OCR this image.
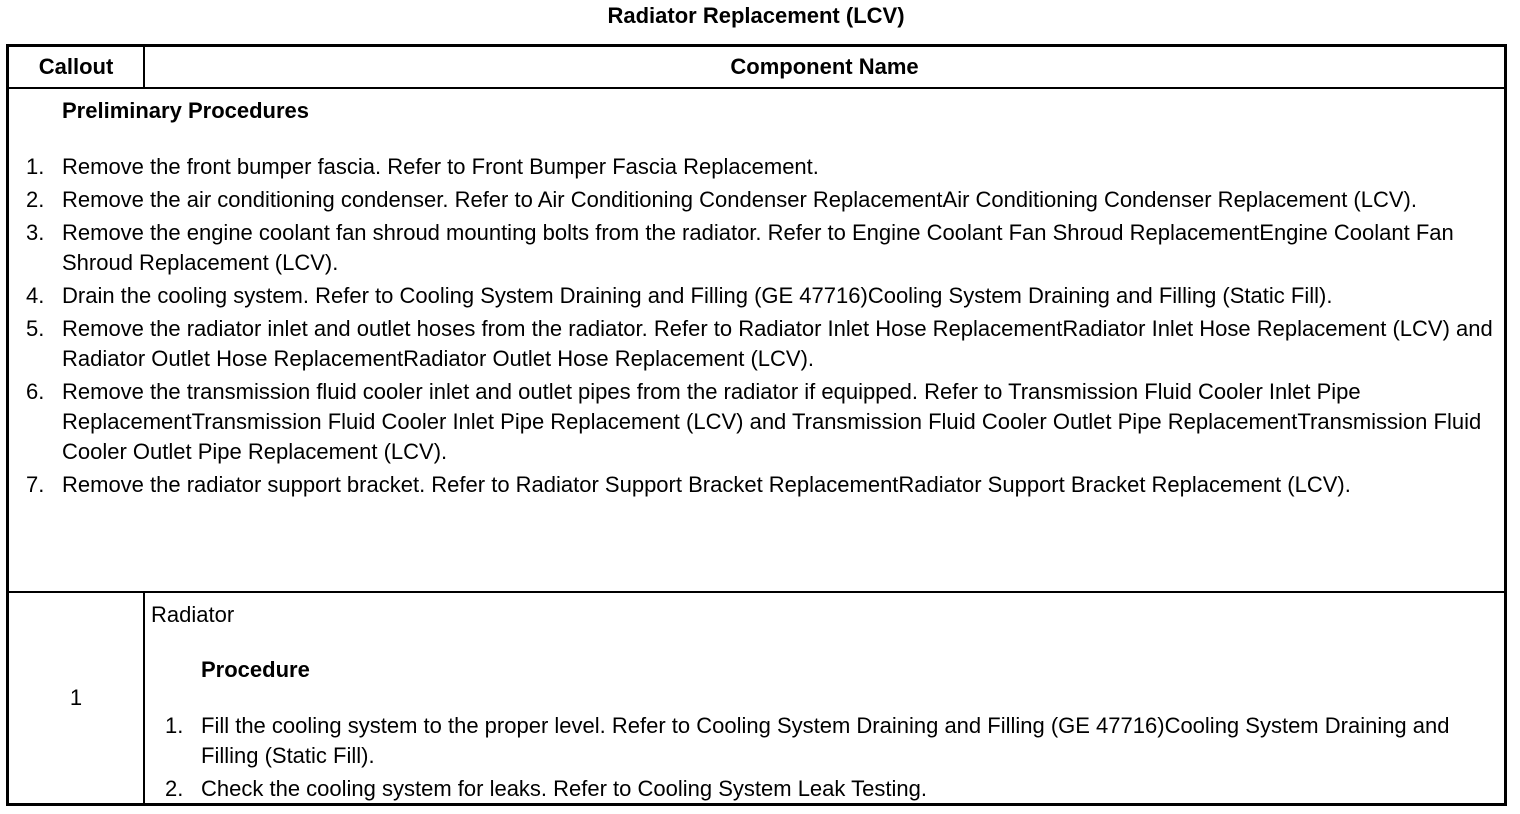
Radiator Replacement (LCV)
Callout	Component Name
Preliminary Procedures
1. Remove the front bumper fascia. Refer to Front Bumper Fascia Replacement.
2. Remove the air conditioning condenser. Refer to Air Conditioning Condenser ReplacementAir Conditioning Condenser Replacement (LCV).
3. Remove the engine coolant fan shroud mounting bolts from the radiator. Refer to Engine Coolant Fan Shroud ReplacementEngine Coolant Fan Shroud Replacement (LCV).
4. Drain the cooling system. Refer to Cooling System Draining and Filling (GE 47716)Cooling System Draining and Filling (Static Fill).
5. Remove the radiator inlet and outlet hoses from the radiator. Refer to Radiator Inlet Hose ReplacementRadiator Inlet Hose Replacement (LCV) and Radiator Outlet Hose ReplacementRadiator Outlet Hose Replacement (LCV).
6. Remove the transmission fluid cooler inlet and outlet pipes from the radiator if equipped. Refer to Transmission Fluid Cooler Inlet Pipe ReplacementTransmission Fluid Cooler Inlet Pipe Replacement (LCV) and Transmission Fluid Cooler Outlet Pipe ReplacementTransmission Fluid Cooler Outlet Pipe Replacement (LCV).
7. Remove the radiator support bracket. Refer to Radiator Support Bracket ReplacementRadiator Support Bracket Replacement (LCV).
1
Radiator
Procedure
1. Fill the cooling system to the proper level. Refer to Cooling System Draining and Filling (GE 47716)Cooling System Draining and Filling (Static Fill).
2. Check the cooling system for leaks. Refer to Cooling System Leak Testing.
